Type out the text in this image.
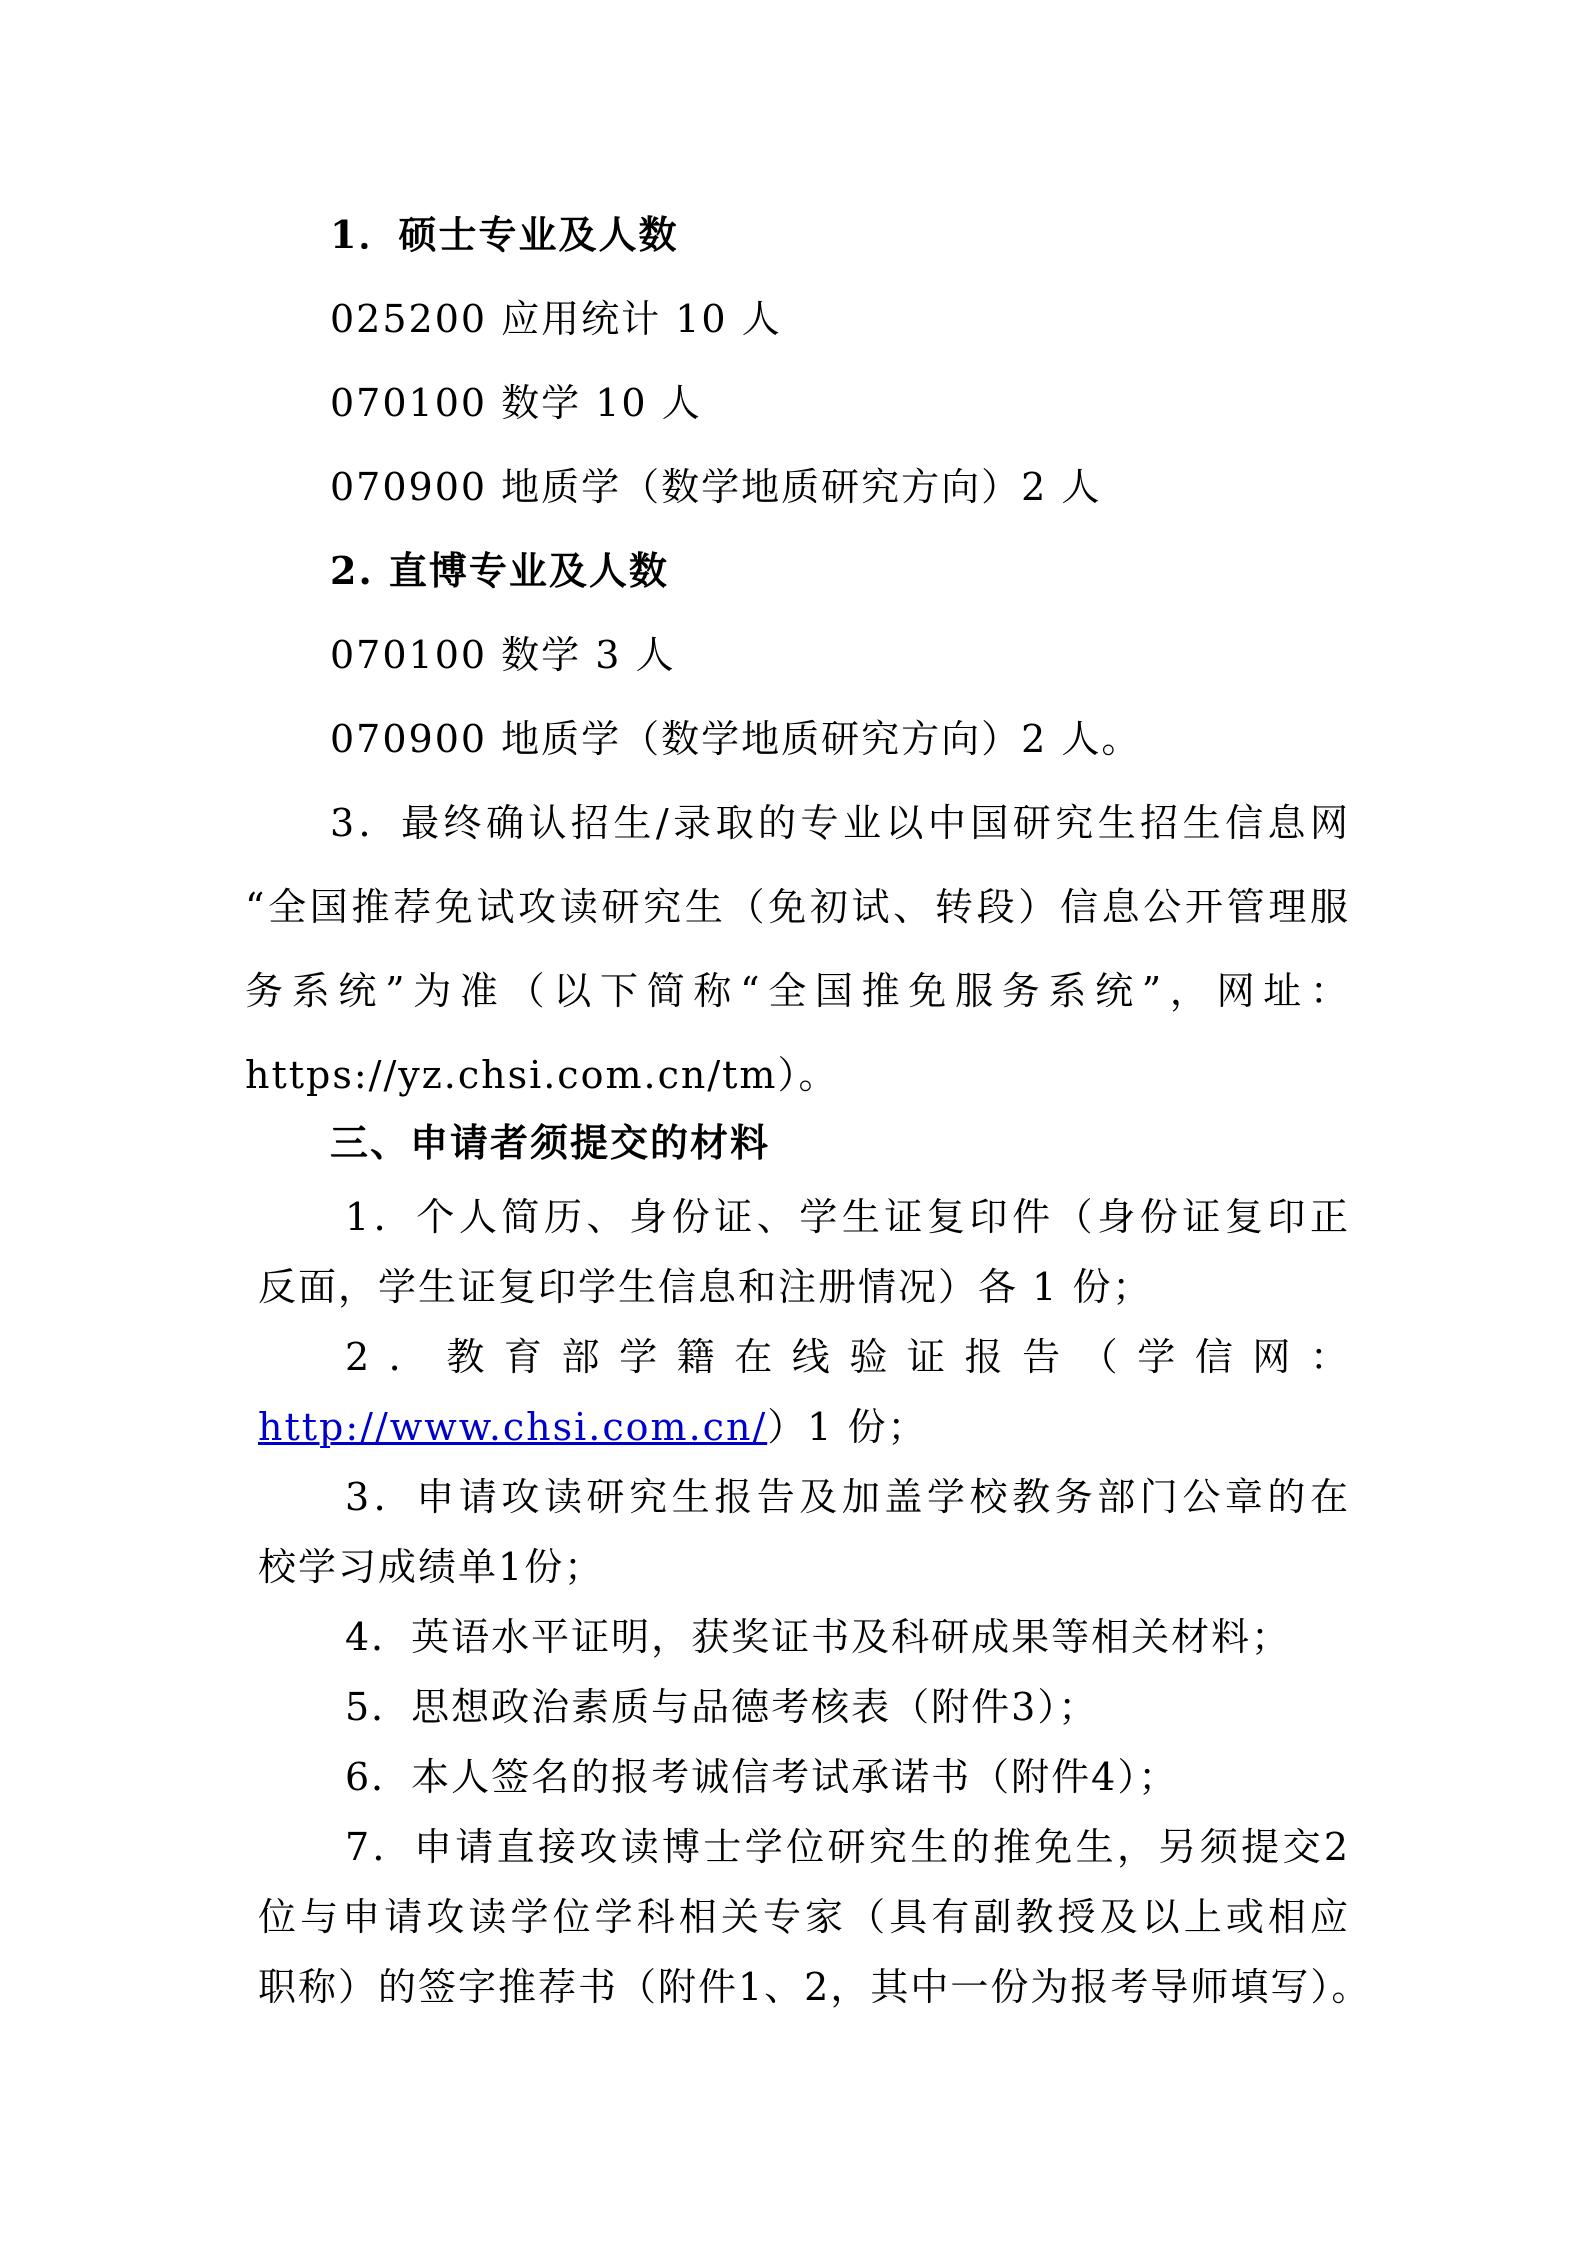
1．硕士专业及人数
025200 应用统计 10 人
070100 数学 10 人
070900 地质学（数学地质研究方向）2 人
2. 直博专业及人数
070100 数学 3 人
070900 地质学（数学地质研究方向）2 人。
3．最终确认招生/录取的专业以中国研究生招生信息网
“全国推荐免试攻读研究生（免初试、转段）信息公开管理服
务系统”为准（以下简称“全国推免服务系统”，网址：
https://yz.chsi.com.cn/tm）。
三、申请者须提交的材料
1．个人简历、身份证、学生证复印件（身份证复印正
反面，学生证复印学生信息和注册情况）各 1 份；
2．教育部学籍在线验证报告（学信网：
http://www.chsi.com.cn/）1 份；
3．申请攻读研究生报告及加盖学校教务部门公章的在
校学习成绩单1份；
4．英语水平证明，获奖证书及科研成果等相关材料；
5．思想政治素质与品德考核表（附件3）；
6．本人签名的报考诚信考试承诺书（附件4）；
7．申请直接攻读博士学位研究生的推免生，另须提交2
位与申请攻读学位学科相关专家（具有副教授及以上或相应
职称）的签字推荐书（附件1、2，其中一份为报考导师填写）。
